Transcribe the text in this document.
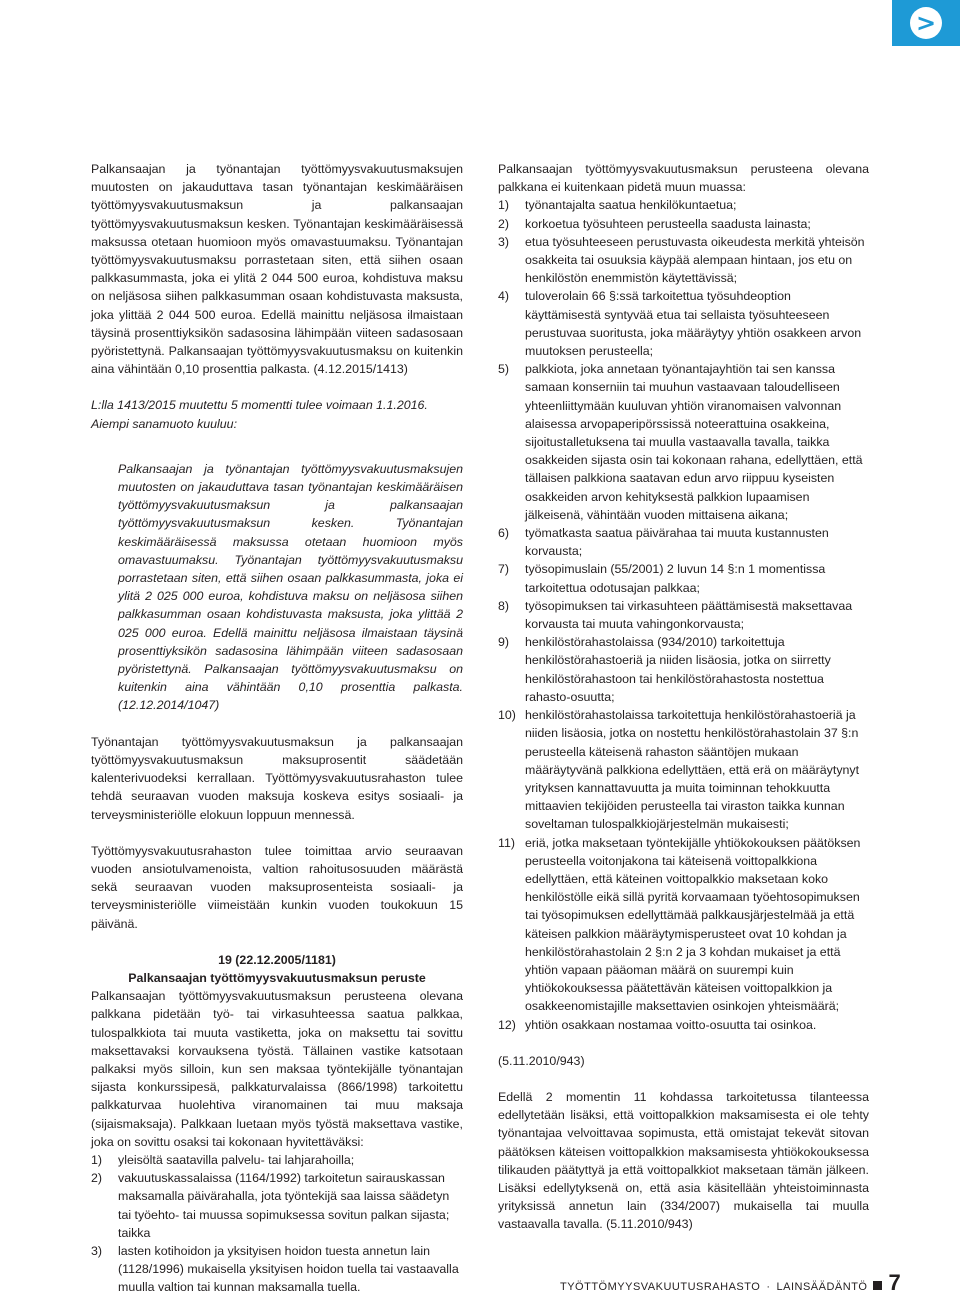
>

Palkansaajan ja työnantajan työttömyysvakuutusmaksujen muutosten on jakauduttava tasan työnantajan keskimääräisen työttömyysvakuutusmaksun ja palkansaajan työttömyysvakuutusmaksun kesken. Työnantajan keskimääräisessä maksussa otetaan huomioon myös omavastuumaksu. Työnantajan työttömyysvakuutusmaksu porrastetaan siten, että siihen osaan palkkasummasta, joka ei ylitä 2 044 500 euroa, kohdistuva maksu on neljäsosa siihen palkkasumman osaan kohdistuvasta maksusta, joka ylittää 2 044 500 euroa. Edellä mainittu neljäsosa ilmaistaan täysinä prosenttiyksikön sadasosina lähimpään viiteen sadasosaan pyöristettynä. Palkansaajan työttömyysvakuutusmaksu on kuitenkin aina vähintään 0,10 prosenttia palkasta. (4.12.2015/1413)

L:lla 1413/2015 muutettu 5 momentti tulee voimaan 1.1.2016.

Aiempi sanamuoto kuuluu:

Palkansaajan ja työnantajan työttömyysvakuutusmaksujen muutosten on jakauduttava tasan työnantajan keskimääräisen työttömyysvakuutusmaksun ja palkansaajan työttömyysvakuutusmaksun kesken. Työnantajan keskimääräisessä maksussa otetaan huomioon myös omavastuumaksu. Työnantajan työttömyysvakuutusmaksu porrastetaan siten, että siihen osaan palkkasummasta, joka ei ylitä 2 025 000 euroa, kohdistuva maksu on neljäsosa siihen palkkasumman osaan kohdistuvasta maksusta, joka ylittää 2 025 000 euroa. Edellä mainittu neljäsosa ilmaistaan täysinä prosenttiyksikön sadasosina lähimpään viiteen sadasosaan pyöristettynä. Palkansaajan työttömyysvakuutusmaksu on kuitenkin aina vähintään 0,10 prosenttia palkasta. (12.12.2014/1047)

Työnantajan työttömyysvakuutusmaksun ja palkansaajan työttömyysvakuutusmaksun maksuprosentit säädetään kalenterivuodeksi kerrallaan. Työttömyysvakuutusrahaston tulee tehdä seuraavan vuoden maksuja koskeva esitys sosiaali- ja terveysministeriölle elokuun loppuun mennessä.

Työttömyysvakuutusrahaston tulee toimittaa arvio seuraavan vuoden ansiotulvamenoista, valtion rahoitusosuuden määrästä sekä seuraavan vuoden maksuprosenteista sosiaali- ja terveysministeriölle viimeistään kunkin vuoden toukokuun 15 päivänä.

19 (22.12.2005/1181)
Palkansaajan työttömyysvakuutusmaksun peruste

Palkansaajan työttömyysvakuutusmaksun perusteena olevana palkkana pidetään työ- tai virkasuhteessa saatua palkkaa, tulospalkkiota tai muuta vastiketta, joka on maksettu tai sovittu maksettavaksi korvauksena työstä. Tällainen vastike katsotaan palkaksi myös silloin, kun sen maksaa työntekijälle työnantajan sijasta konkurssipesä, palkkaturvalaissa (866/1998) tarkoitettu palkkaturvaa huolehtiva viranomainen tai muu maksaja (sijaismaksaja). Palkkaan luetaan myös työstä maksettava vastike, joka on sovittu osaksi tai kokonaan hyvitettäväksi:

1)	yleisöltä saatavilla palvelu- tai lahjarahoilla;
2)	vakuutuskassalaissa (1164/1992) tarkoitetun sairauskassan maksamalla päivärahalla, jota työntekijä saa laissa säädetyn tai työehto- tai muussa sopimuksessa sovitun palkan sijasta; taikka
3)	lasten kotihoidon ja yksityisen hoidon tuesta annetun lain (1128/1996) mukaisella yksityisen hoidon tuella tai vastaavalla muulla valtion tai kunnan maksamalla tuella.

Palkansaajan työttömyysvakuutusmaksun perusteena olevana palkkana ei kuitenkaan pidetä muun muassa:

1)	työnantajalta saatua henkilökuntaetua;
2)	korkoetua työsuhteen perusteella saadusta lainasta;
3)	etua työsuhteeseen perustuvasta oikeudesta merkitä yhteisön osakkeita tai osuuksia käypää alempaan hintaan, jos etu on henkilöstön enemmistön käytettävissä;
4)	tuloverolain 66 §:ssä tarkoitettua työsuhdeoption käyttämisestä syntyvää etua tai sellaista työsuhteeseen perustuvaa suoritusta, joka määräytyy yhtiön osakkeen arvon muutoksen perusteella;
5)	palkkiota, joka annetaan työnantajayhtiön tai sen kanssa samaan konserniin tai muuhun vastaavaan taloudelliseen yhteenliittymään kuuluvan yhtiön viranomaisen valvonnan alaisessa arvopaperipörssissä noteerattuina osakkeina, sijoitustalletuksena tai muulla vastaavalla tavalla, taikka osakkeiden sijasta osin tai kokonaan rahana, edellyttäen, että tällaisen palkkiona saatavan edun arvo riippuu kyseisten osakkeiden arvon kehityksestä palkkion lupaamisen jälkeisenä, vähintään vuoden mittaisena aikana;
6)	työmatkasta saatua päivärahaa tai muuta kustannusten korvausta;
7)	työsopimuslain (55/2001) 2 luvun 14 §:n 1 momentissa tarkoitettua odotusajan palkkaa;
8)	työsopimuksen tai virkasuhteen päättämisestä maksettavaa korvausta tai muuta vahingonkorvausta;
9)	henkilöstörahastolaissa (934/2010) tarkoitettuja henkilöstörahastoeriä ja niiden lisäosia, jotka on siirretty henkilöstörahastoon tai henkilöstörahastosta nostettua rahasto-osuutta;
10) henkilöstörahastolaissa tarkoitettuja henkilöstörahastoeriä ja niiden lisäosia, jotka on nostettu henkilöstörahastolain 37 §:n perusteella käteisenä rahaston sääntöjen mukaan määräytyvänä palkkiona edellyttäen, että erä on määräytynyt yrityksen kannattavuutta ja muita toiminnan tehokkuutta mittaavien tekijöiden perusteella tai viraston taikka kunnan soveltaman tulospalkkiojärjestelmän mukaisesti;
11) eriä, jotka maksetaan työntekijälle yhtiökokouksen päätöksen perusteella voitonjakona tai käteisenä voittopalkkiona edellyttäen, että käteinen voittopalkkio maksetaan koko henkilöstölle eikä sillä pyritä korvaamaan työehtosopimuksen tai työsopimuksen edellyttämää palkkausjärjestelmää ja että käteisen palkkion määräytymisperusteet ovat 10 kohdan ja henkilöstörahastolain 2 §:n 2 ja 3 kohdan mukaiset ja että yhtiön vapaan pääoman määrä on suurempi kuin yhtiökokouksessa päätettävän käteisen voittopalkkion ja osakkeenomistajille maksettavien osinkojen yhteismäärä;
12) yhtiön osakkaan nostamaa voitto-osuutta tai osinkoa.

(5.11.2010/943)

Edellä 2 momentin 11 kohdassa tarkoitetussa tilanteessa edellytetään lisäksi, että voittopalkkion maksamisesta ei ole tehty työnantajaa velvoittavaa sopimusta, että omistajat tekevät sitovan päätöksen käteisen voittopalkkion maksamisesta yhtiökokouksessa tilikauden päätyttyä ja että voittopalkkiot maksetaan tämän jälkeen. Lisäksi edellytyksenä on, että asia käsitellään yhteistoiminnasta yrityksissä annetun lain (334/2007) mukaisella tai muulla vastaavalla tavalla. (5.11.2010/943)

TYÖTTÖMYYSVAKUUTUSRAHASTO · LAINSÄÄDÄNTÖ 7
